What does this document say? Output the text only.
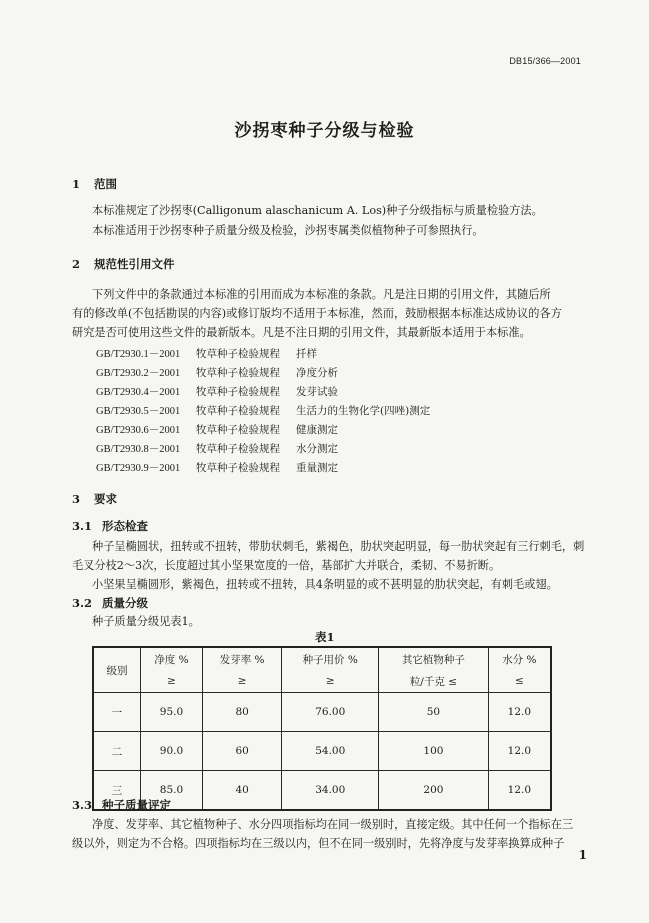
DB15/366—2001
沙拐枣种子分级与检验
1 范围
本标准规定了沙拐枣(Calligonum alaschanicum A. Los)种子分级指标与质量检验方法。
本标准适用于沙拐枣种子质量分级及检验，沙拐枣属类似植物种子可参照执行。
2 规范性引用文件
下列文件中的条款通过本标准的引用而成为本标准的条款。凡是注日期的引用文件，其随后所
有的修改单(不包括勘误的内容)或修订版均不适用于本标准，然而，鼓励根据本标准达成协议的各方
研究是否可使用这些文件的最新版本。凡是不注日期的引用文件，其最新版本适用于本标准。
GB/T2930.1－2001 牧草种子检验规程 扦样
GB/T2930.2－2001 牧草种子检验规程 净度分析
GB/T2930.4－2001 牧草种子检验规程 发芽试验
GB/T2930.5－2001 牧草种子检验规程 生活力的生物化学(四唑)测定
GB/T2930.6－2001 牧草种子检验规程 健康测定
GB/T2930.8－2001 牧草种子检验规程 水分测定
GB/T2930.9－2001 牧草种子检验规程 重量测定
3 要求
3.1 形态检查
种子呈椭圆状，扭转或不扭转，带肋状刺毛，紫褐色，肋状突起明显，每一肋状突起有三行刺毛，刺
毛叉分枝2～3次，长度超过其小坚果宽度的一倍，基部扩大并联合，柔韧、不易折断。
小坚果呈椭圆形，紫褐色，扭转或不扭转，具4条明显的或不甚明显的肋状突起，有刺毛或翅。
3.2 质量分级
种子质量分级见表1。
表1
级别	净度 %	发芽率 %	种子用价 %	其它植物种子	水分 %
	≥	≥	≥	粒/千克 ≤	≤
一	95.0	80	76.00	50	12.0
二	90.0	60	54.00	100	12.0
三	85.0	40	34.00	200	12.0
3.3 种子质量评定
净度、发芽率、其它植物种子、水分四项指标均在同一级别时，直接定级。其中任何一个指标在三
级以外，则定为不合格。四项指标均在三级以内，但不在同一级别时，先将净度与发芽率换算成种子
1
